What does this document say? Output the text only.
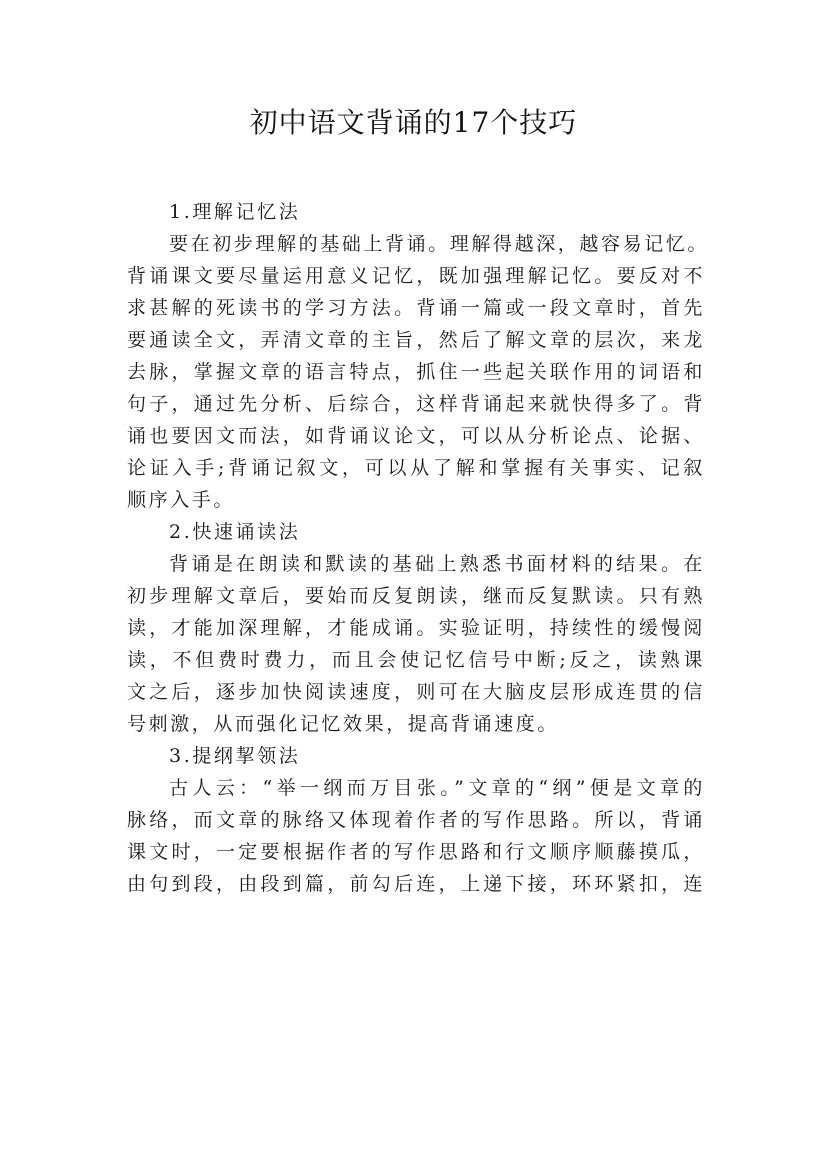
初中语文背诵的17个技巧
1.理解记忆法
要在初步理解的基础上背诵。理解得越深，越容易记忆。
背诵课文要尽量运用意义记忆，既加强理解记忆。要反对不
求甚解的死读书的学习方法。背诵一篇或一段文章时，首先
要通读全文，弄清文章的主旨，然后了解文章的层次，来龙
去脉，掌握文章的语言特点，抓住一些起关联作用的词语和
句子，通过先分析、后综合，这样背诵起来就快得多了。背
诵也要因文而法，如背诵议论文，可以从分析论点、论据、
论证入手;背诵记叙文，可以从了解和掌握有关事实、记叙
顺序入手。
2.快速诵读法
背诵是在朗读和默读的基础上熟悉书面材料的结果。在
初步理解文章后，要始而反复朗读，继而反复默读。只有熟
读，才能加深理解，才能成诵。实验证明，持续性的缓慢阅
读，不但费时费力，而且会使记忆信号中断;反之，读熟课
文之后，逐步加快阅读速度，则可在大脑皮层形成连贯的信
号刺激，从而强化记忆效果，提高背诵速度。
3.提纲挈领法
古人云：“举一纲而万目张。”文章的“纲”便是文章的
脉络，而文章的脉络又体现着作者的写作思路。所以，背诵
课文时，一定要根据作者的写作思路和行文顺序顺藤摸瓜，
由句到段，由段到篇，前勾后连，上递下接，环环紧扣，连
